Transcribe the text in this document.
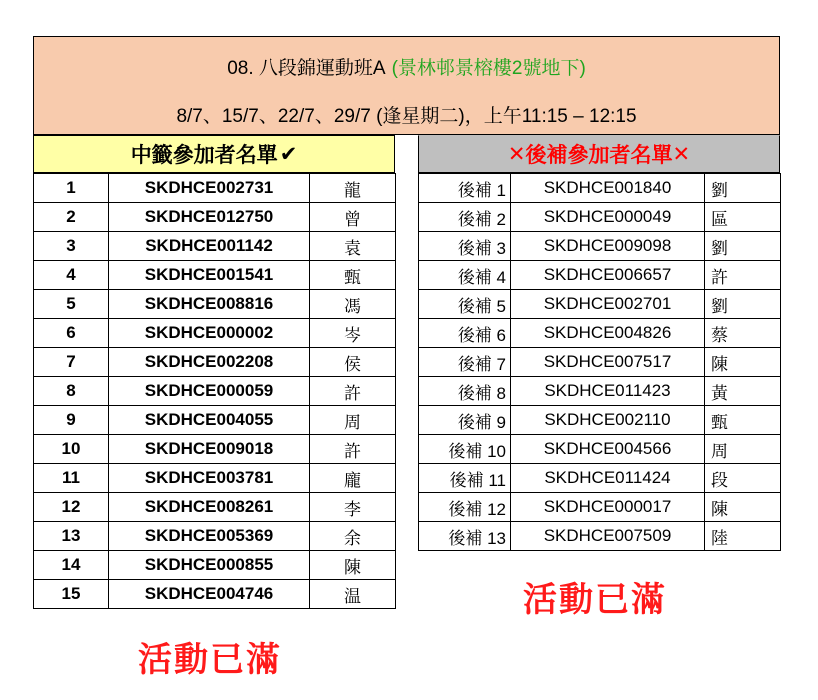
08. 八段錦運動班A (景林邨景榕樓2號地下)
8/7、15/7、22/7、29/7 (逢星期二)，上午11:15 – 12:15
中籤參加者名單 ✔	✕ 後補參加者名單 ✕
1	SKDHCE002731	龍
2	SKDHCE012750	曾
3	SKDHCE001142	袁
4	SKDHCE001541	甄
5	SKDHCE008816	馮
6	SKDHCE000002	岑
7	SKDHCE002208	侯
8	SKDHCE000059	許
9	SKDHCE004055	周
10	SKDHCE009018	許
11	SKDHCE003781	龐
12	SKDHCE008261	李
13	SKDHCE005369	余
14	SKDHCE000855	陳
15	SKDHCE004746	温
後補 1	SKDHCE001840	劉
後補 2	SKDHCE000049	區
後補 3	SKDHCE009098	劉
後補 4	SKDHCE006657	許
後補 5	SKDHCE002701	劉
後補 6	SKDHCE004826	蔡
後補 7	SKDHCE007517	陳
後補 8	SKDHCE011423	黃
後補 9	SKDHCE002110	甄
後補 10	SKDHCE004566	周
後補 11	SKDHCE011424	段
後補 12	SKDHCE000017	陳
後補 13	SKDHCE007509	陸
活動已滿
活動已滿
